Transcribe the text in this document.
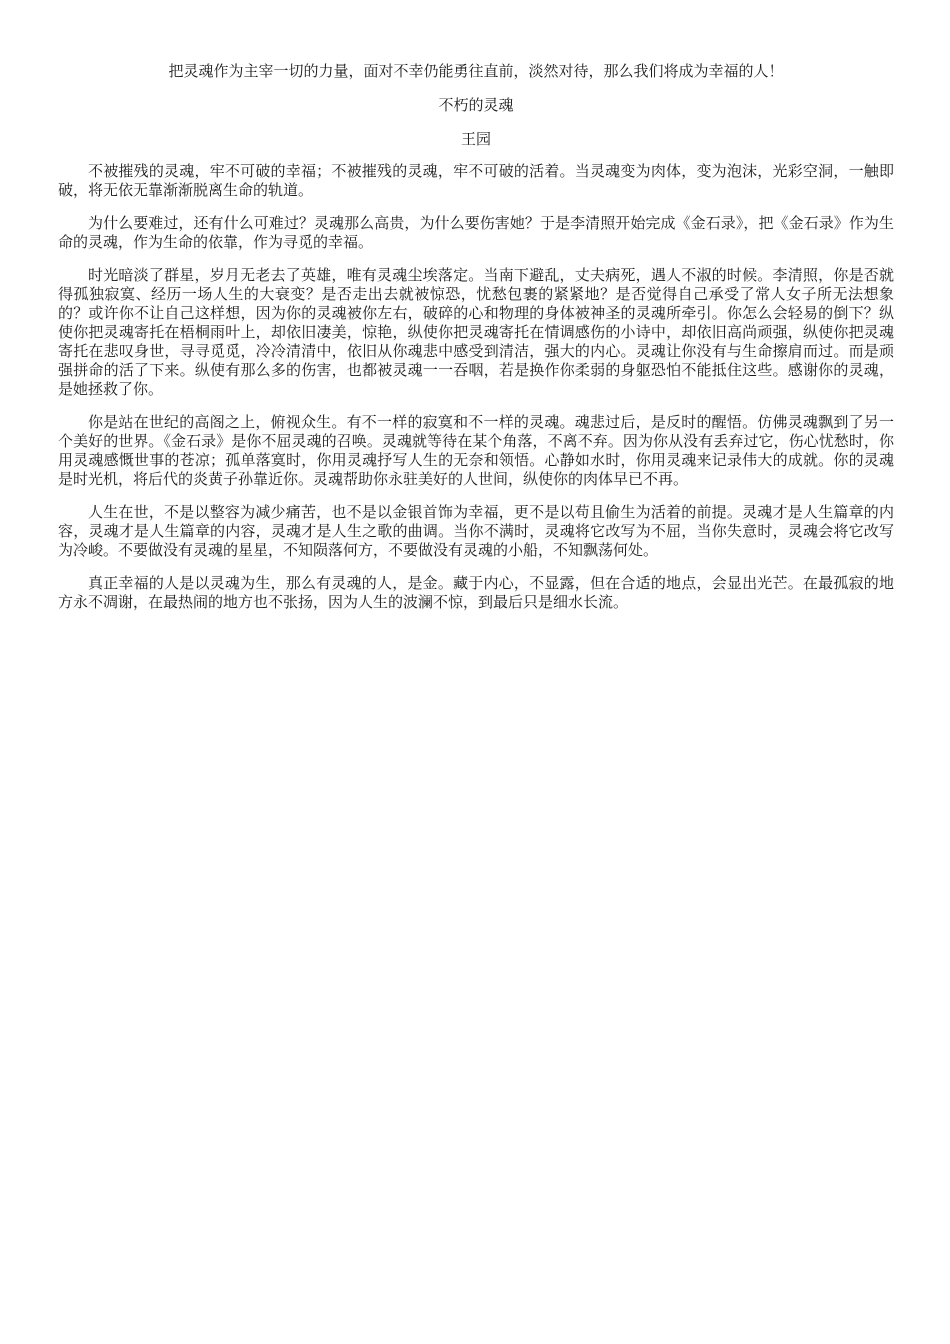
把灵魂作为主宰一切的力量，面对不幸仍能勇往直前，淡然对待，那么我们将成为幸福的人！

不朽的灵魂

王园

不被摧残的灵魂，牢不可破的幸福；不被摧残的灵魂，牢不可破的活着。当灵魂变为肉体，变为泡沫，光彩空洞，一触即破，将无依无靠渐渐脱离生命的轨道。

为什么要难过，还有什么可难过？灵魂那么高贵，为什么要伤害她？于是李清照开始完成《金石录》，把《金石录》作为生命的灵魂，作为生命的依靠，作为寻觅的幸福。

时光暗淡了群星，岁月无老去了英雄，唯有灵魂尘埃落定。当南下避乱，丈夫病死，遇人不淑的时候。李清照，你是否就得孤独寂寞、经历一场人生的大衰变？是否走出去就被惊恐，忧愁包裹的紧紧地？是否觉得自己承受了常人女子所无法想象的？或许你不让自己这样想，因为你的灵魂被你左右，破碎的心和物理的身体被神圣的灵魂所牵引。你怎么会轻易的倒下？纵使你把灵魂寄托在梧桐雨叶上，却依旧凄美，惊艳，纵使你把灵魂寄托在情调感伤的小诗中，却依旧高尚顽强，纵使你把灵魂寄托在悲叹身世，寻寻觅觅，冷冷清清中，依旧从你魂悲中感受到清洁，强大的内心。灵魂让你没有与生命擦肩而过。而是顽强拼命的活了下来。纵使有那么多的伤害，也都被灵魂一一吞咽，若是换作你柔弱的身躯恐怕不能抵住这些。感谢你的灵魂，是她拯救了你。

你是站在世纪的高阁之上，俯视众生。有不一样的寂寞和不一样的灵魂。魂悲过后，是反时的醒悟。仿佛灵魂飘到了另一个美好的世界。《金石录》是你不屈灵魂的召唤。灵魂就等待在某个角落，不离不弃。因为你从没有丢弃过它，伤心忧愁时，你用灵魂感慨世事的苍凉；孤单落寞时，你用灵魂抒写人生的无奈和领悟。心静如水时，你用灵魂来记录伟大的成就。你的灵魂是时光机，将后代的炎黄子孙靠近你。灵魂帮助你永驻美好的人世间，纵使你的肉体早已不再。

人生在世，不是以整容为减少痛苦，也不是以金银首饰为幸福，更不是以苟且偷生为活着的前提。灵魂才是人生篇章的内容，灵魂才是人生篇章的内容，灵魂才是人生之歌的曲调。当你不满时，灵魂将它改写为不屈，当你失意时，灵魂会将它改写为冷峻。不要做没有灵魂的星星，不知陨落何方，不要做没有灵魂的小船，不知飘荡何处。

真正幸福的人是以灵魂为生，那么有灵魂的人，是金。藏于内心，不显露，但在合适的地点，会显出光芒。在最孤寂的地方永不凋谢，在最热闹的地方也不张扬，因为人生的波澜不惊，到最后只是细水长流。
